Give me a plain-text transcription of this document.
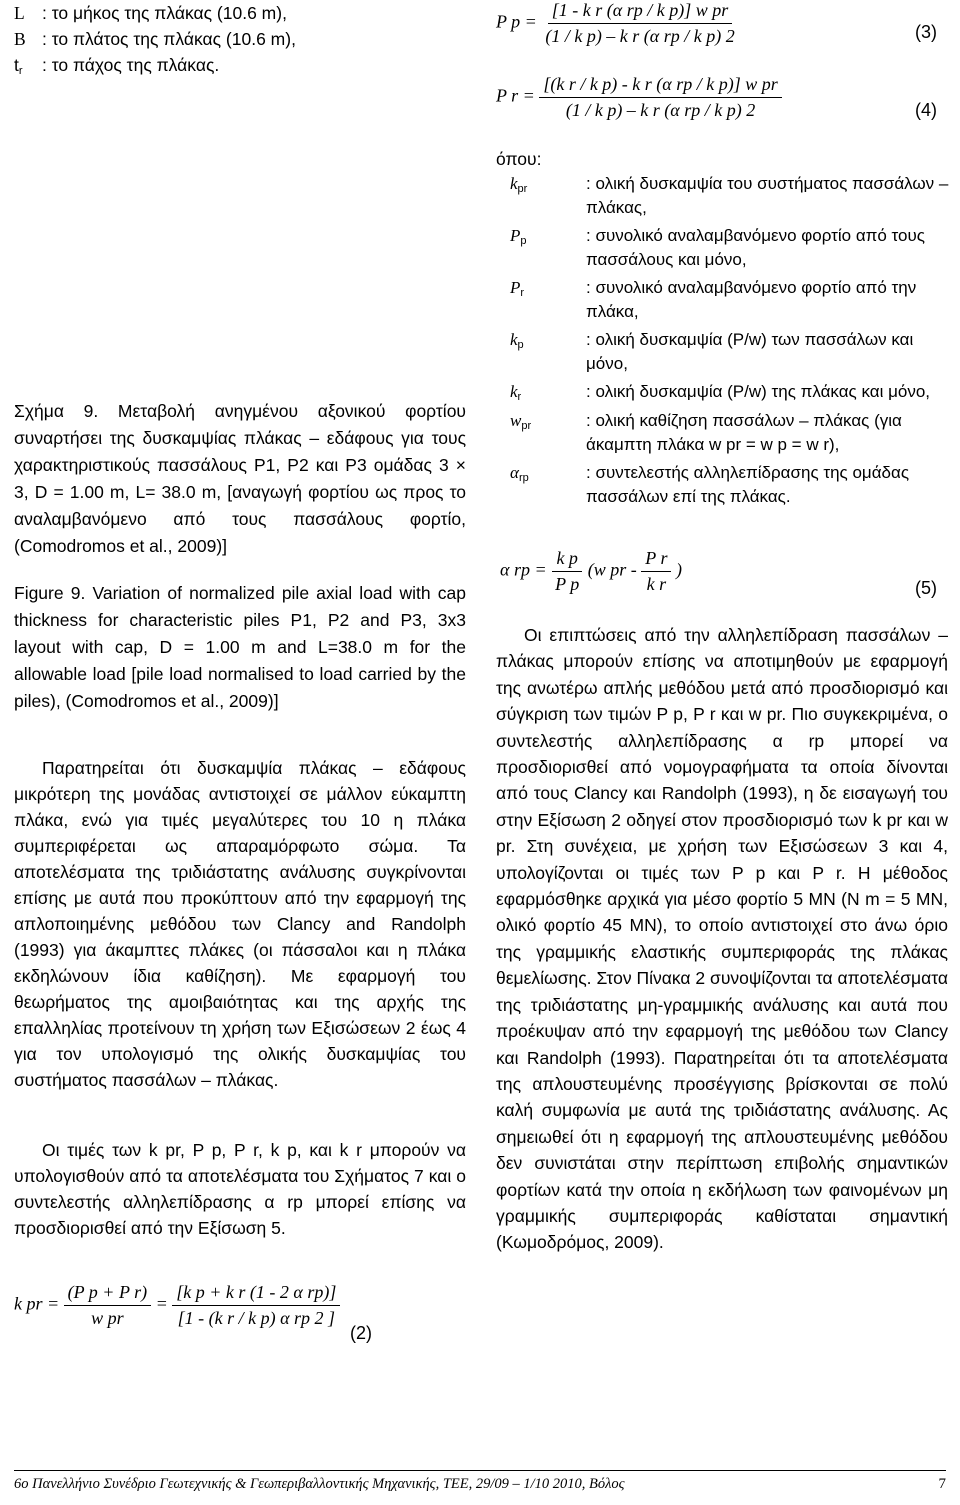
L : το μήκος της πλάκας (10.6 m),
B : το πλάτος της πλάκας (10.6 m),
$t_r$	: το πάχος της πλάκας.
Σχήμα 9. Μεταβολή ανηγμένου αξονικού φορτίου συναρτήσει της δυσκαμψίας πλάκας – εδάφους για τους χαρακτηριστικούς πασσάλους P1, P2 και P3 ομάδας 3 × 3, D = 1.00 m, L= 38.0 m, [αναγωγή φορτίου ως προς το αναλαμβανόμενο από τους πασσάλους φορτίο, (Comodromos et al., 2009)]
Figure 9. Variation of normalized pile axial load with cap thickness for characteristic piles P1, P2 and P3, 3x3 layout with cap, D = 1.00 m and L=38.0 m for the allowable load [pile load normalised to load carried by the piles), (Comodromos et al., 2009)]
Παρατηρείται ότι δυσκαμψία πλάκας – εδάφους μικρότερη της μονάδας αντιστοιχεί σε μάλλον εύκαμπτη πλάκα, ενώ για τιμές μεγαλύτερες του 10 η πλάκα συμπεριφέρεται ως απαραμόρφωτο σώμα. Τα αποτελέσματα της τριδιάστατης ανάλυσης συγκρίνονται επίσης με αυτά που προκύπτουν από την εφαρμογή της απλοποιημένης μεθόδου των Clancy and Randolph (1993) για άκαμπτες πλάκες (οι πάσσαλοι και η πλάκα εκδηλώνουν ίδια καθίζηση). Με εφαρμογή του θεωρήματος της αμοιβαιότητας και της αρχής της επαλληλίας προτείνουν τη χρήση των Εξισώσεων 2 έως 4 για τον υπολογισμό της ολικής δυσκαμψίας του συστήματος πασσάλων – πλάκας.
Οι τιμές των k pr, P p, P r, k p, και k r μπορούν να υπολογισθούν από τα αποτελέσματα του Σχήματος 7 και ο συντελεστής αλληλεπίδρασης α rp μπορεί επίσης να προσδιορισθεί από την Εξίσωση 5.
k pr = $\frac{\text{(P p + P r)}}{\text{w pr}} = \frac{\text{[k p + k r (1 - 2 α rp)]}}{\text{[1 - (k r / k p) α rp 2 ]}}$
(2)
P $p = \frac{\text{[1 - k r (α rp / k p)] w pr}}{\text{(1 / k p) – k r (α rp / k p) 2}}$	(3)
P $r = \frac{\text{[(k r / k p) - k r (α rp / k p)] w pr}}{\text{(1 / k p) – k r (α rp / k p) 2}}$	(4)
όπου:
$k_{pr}$	: ολική δυσκαμψία του συστήματος πασσάλων – πλάκας,
$P_p$	: συνολικό αναλαμβανόμενο φορτίο από τους πασσάλους και μόνο,
$P_r$	: συνολικό αναλαμβανόμενο φορτίο από την πλάκα,
$k_p$	: ολική δυσκαμψία (P/w) των πασσάλων και μόνο,
$k_r$	: ολική δυσκαμψία (P/w) της πλάκας και μόνο,
$w_{pr}$	: ολική καθίζηση πασσάλων – πλάκας (για άκαμπτη πλάκα w pr = w p = w r),
$\alpha_{rp}$	: συντελεστής αλληλεπίδρασης της ομάδας πασσάλων επί της πλάκας.
α rp = $\frac{\text{k p}}{\text{P p}} (w$ pr - $\frac{\text{P r}}{\text{k r}}$ )
(5)
Οι επιπτώσεις από την αλληλεπίδραση πασσάλων – πλάκας μπορούν επίσης να αποτιμηθούν με εφαρμογή της ανωτέρω απλής μεθόδου μετά από προσδιορισμό και σύγκριση των τιμών P p, P r και w pr. Πιο συγκεκριμένα, ο συντελεστής αλληλεπίδρασης α rp μπορεί να προσδιορισθεί από νομογραφήματα τα οποία δίνονται από τους Clancy και Randolph (1993), η δε εισαγωγή του στην Εξίσωση 2 οδηγεί στον προσδιορισμό των k pr και w pr. Στη συνέχεια, με χρήση των Εξισώσεων 3 και 4, υπολογίζονται οι τιμές των P p και P r. Η μέθοδος εφαρμόσθηκε αρχικά για μέσο φορτίο 5 MN (N m = 5 MN, ολικό φορτίο 45 MN), το οποίο αντιστοιχεί στο άνω όριο της γραμμικής ελαστικής συμπεριφοράς της πλάκας θεμελίωσης. Στον Πίνακα 2 συνοψίζονται τα αποτελέσματα της τριδιάστατης μη-γραμμικής ανάλυσης και αυτά που προέκυψαν από την εφαρμογή της μεθόδου των Clancy και Randolph (1993). Παρατηρείται ότι τα αποτελέσματα της απλουστευμένης προσέγγισης βρίσκονται σε πολύ καλή συμφωνία με αυτά της τριδιάστατης ανάλυσης. Ας σημειωθεί ότι η εφαρμογή της απλουστευμένης μεθόδου δεν συνιστάται στην περίπτωση επιβολής σημαντικών φορτίων κατά την οποία η εκδήλωση των φαινομένων μη γραμμικής συμπεριφοράς καθίσταται σημαντική (Κωμοδρόμος, 2009).
6ο Πανελλήνιο Συνέδριο Γεωτεχνικής & Γεωπεριβαλλοντικής Μηχανικής, ΤΕΕ, 29/09 – 1/10 2010, Βόλος	7
